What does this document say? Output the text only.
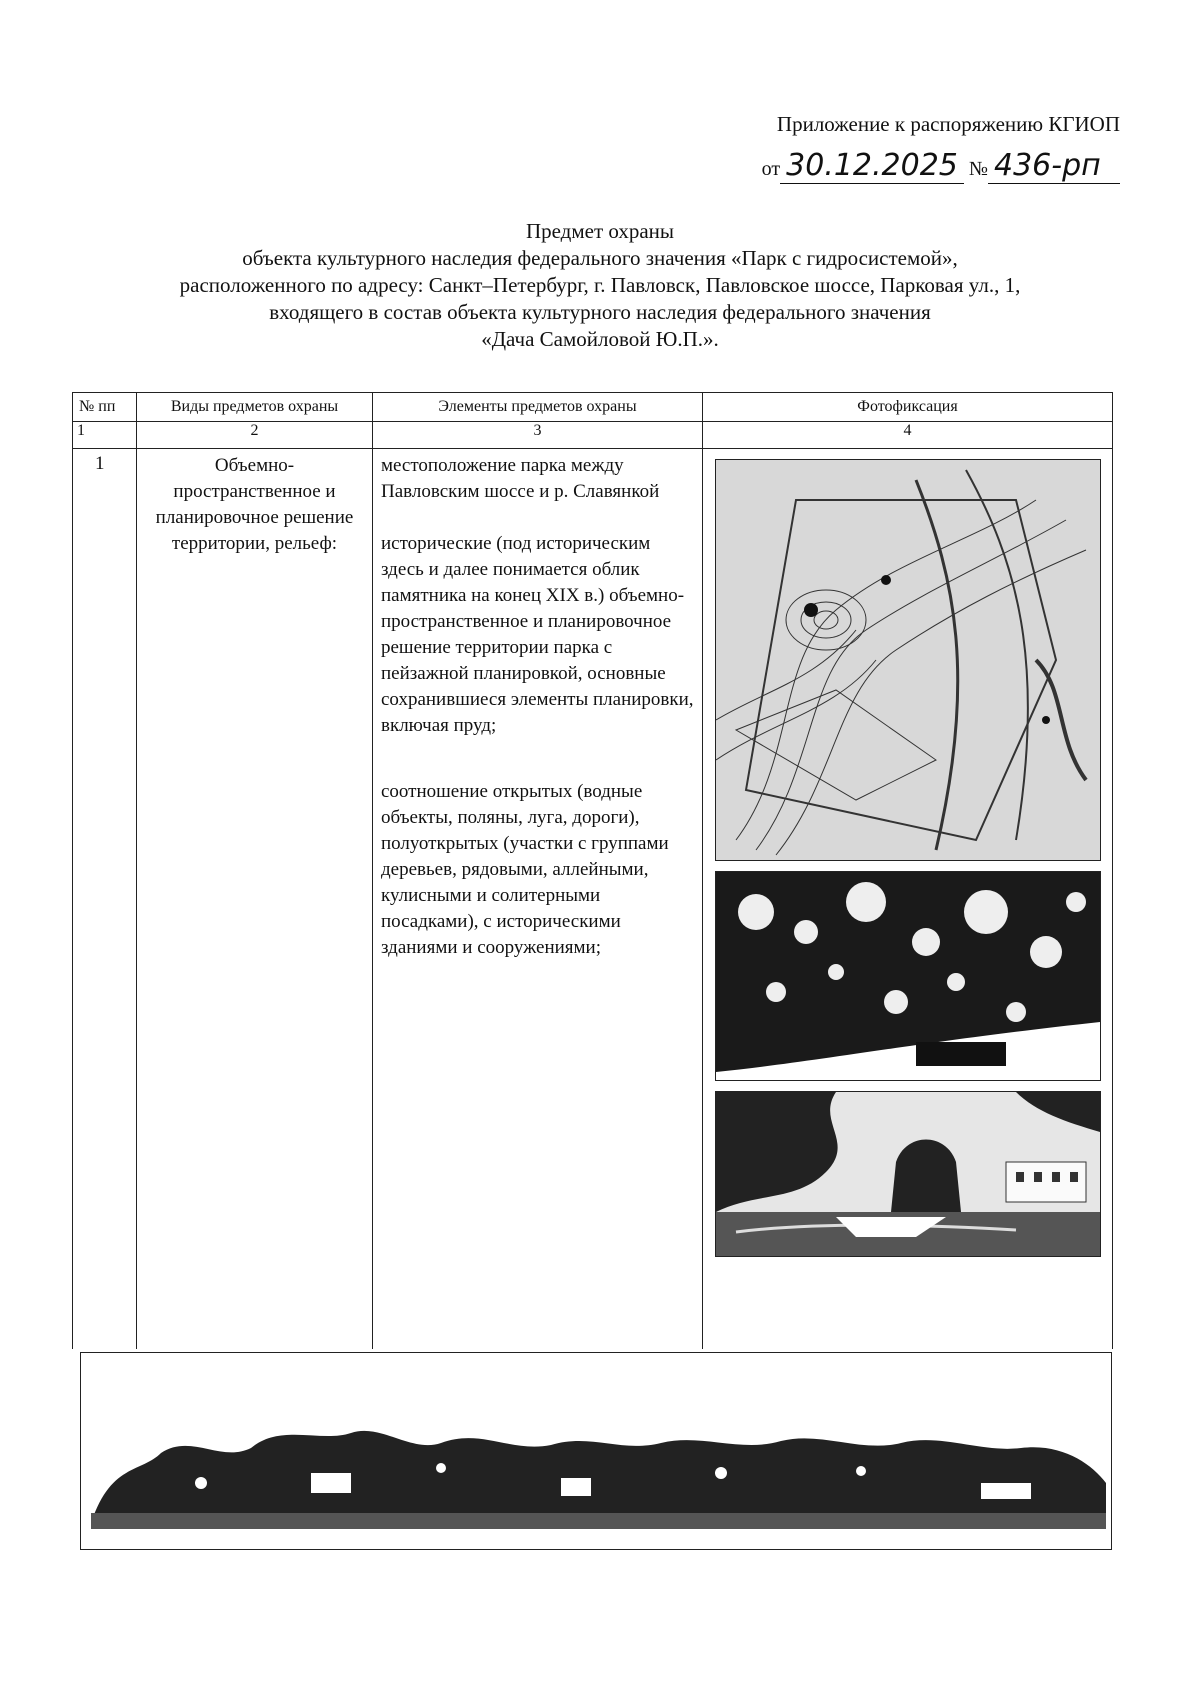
Приложение к распоряжению КГИОП
от 30.12.2025 № 436-рп
Предмет охраны
объекта культурного наследия федерального значения «Парк с гидросистемой»,
расположенного по адресу: Санкт–Петербург, г. Павловск, Павловское шоссе, Парковая ул., 1,
входящего в состав объекта культурного наследия федерального значения
«Дача Самойловой Ю.П.».
№ пп	Виды предметов охраны	Элементы предметов охраны	Фотофиксация
1	2	3	4
1	Объемно-пространственное и планировочное решение территории, рельеф:	местоположение парка между Павловским шоссе и р. Славянкой

исторические (под историческим здесь и далее понимается облик памятника на конец XIX в.) объемно-пространственное и планировочное решение территории парка с пейзажной планировкой, основные сохранившиеся элементы планировки, включая пруд;

соотношение открытых (водные объекты, поляны, луга, дороги), полуоткрытых (участки с группами деревьев, рядовыми, аллейными, кулисными и солитерными посадками), с историческими зданиями и сооружениями;
